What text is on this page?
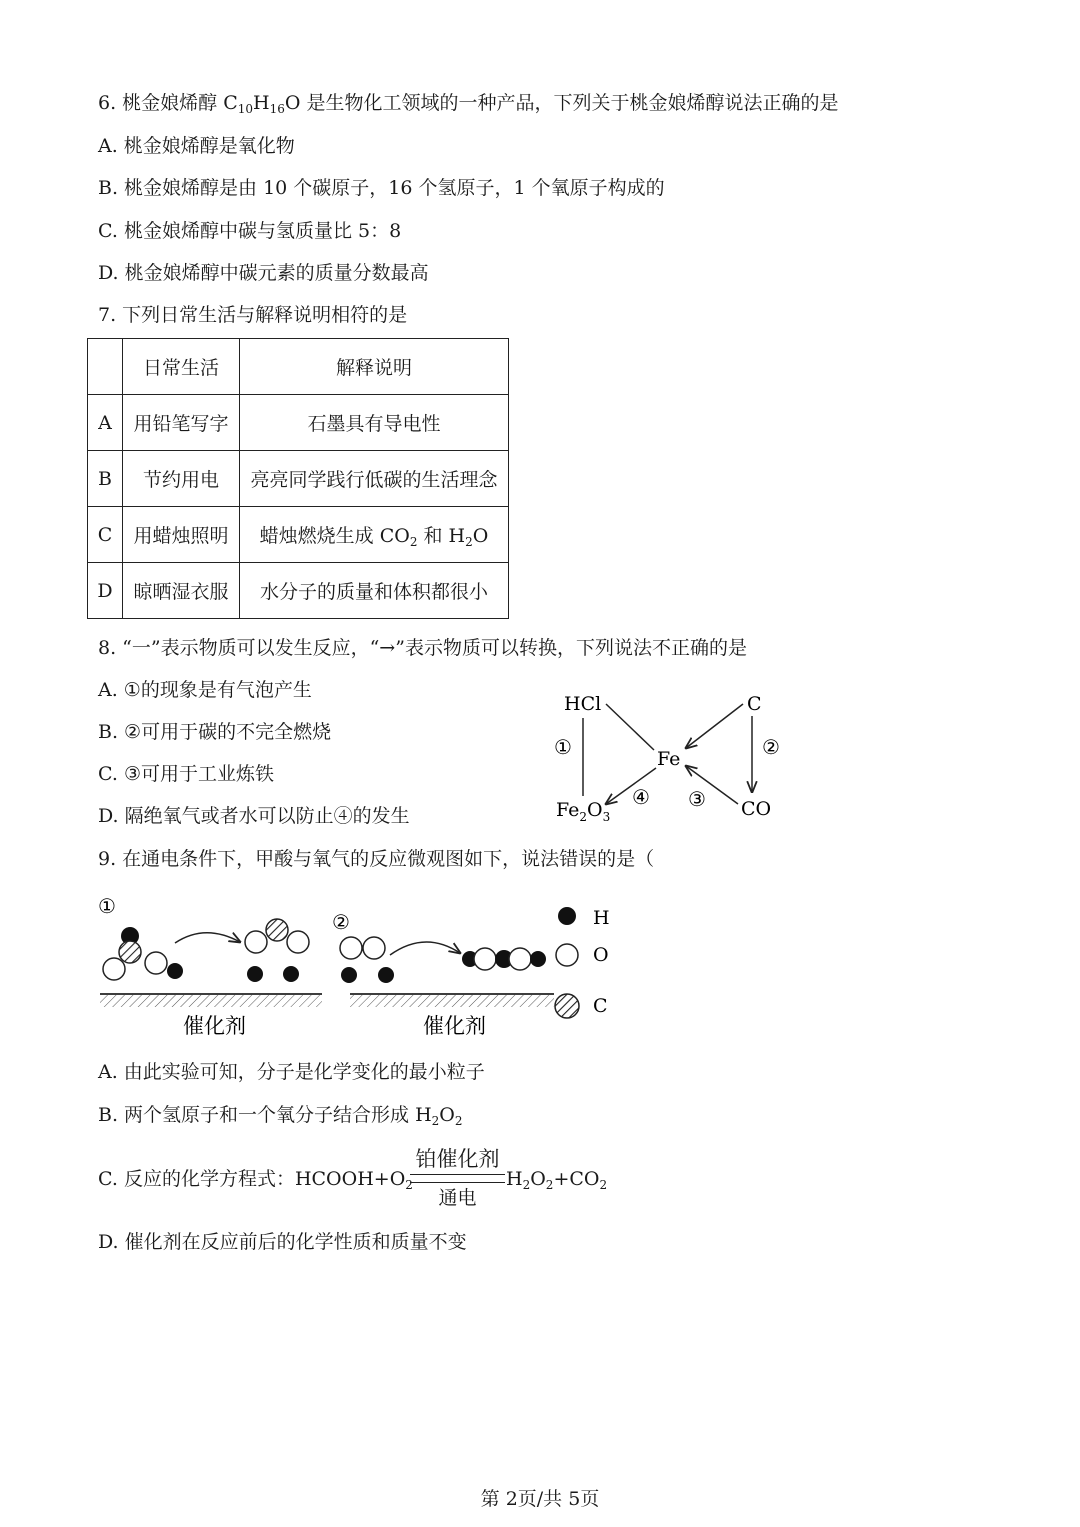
6. 桃金娘烯醇 $C_{10}H_{16}O$ 是生物化工领域的一种产品，下列关于桃金娘烯醇说法正确的是
A. 桃金娘烯醇是氧化物
B. 桃金娘烯醇是由 10 个碳原子，16 个氢原子，1 个氧原子构成的
C. 桃金娘烯醇中碳与氢质量比 5：8
D. 桃金娘烯醇中碳元素的质量分数最高
7. 下列日常生活与解释说明相符的是
	日常生活	解释说明
A	用铅笔写字	石墨具有导电性
B	节约用电	亮亮同学践行低碳的生活理念
C	用蜡烛照明	蜡烛燃烧生成 $CO_2$ 和 $H_2O$
D	晾晒湿衣服	水分子的质量和体积都很小
8. “一”表示物质可以发生反应，“→”表示物质可以转换，下列说法不正确的是
A. ①的现象是有气泡产生
B. ②可用于碳的不完全燃烧
C. ③可用于工业炼铁
D. 隔绝氧气或者水可以防止④的发生
HCl	C
Fe
$Fe_2O_3$	CO
①	②
③
④
9. 在通电条件下，甲酸与氧气的反应微观图如下，说法错误的是（
①
②
催化剂	催化剂
H
O
C
A. 由此实验可知，分子是化学变化的最小粒子
B. 两个氢原子和一个氧分子结合形成 $H_2O_2$
C. 反应的化学方程式：$HCOOH+O_2$
铂催化剂
通电
$H_2O_2+CO_2$
D. 催化剂在反应前后的化学性质和质量不变
第 2页/共 5页
